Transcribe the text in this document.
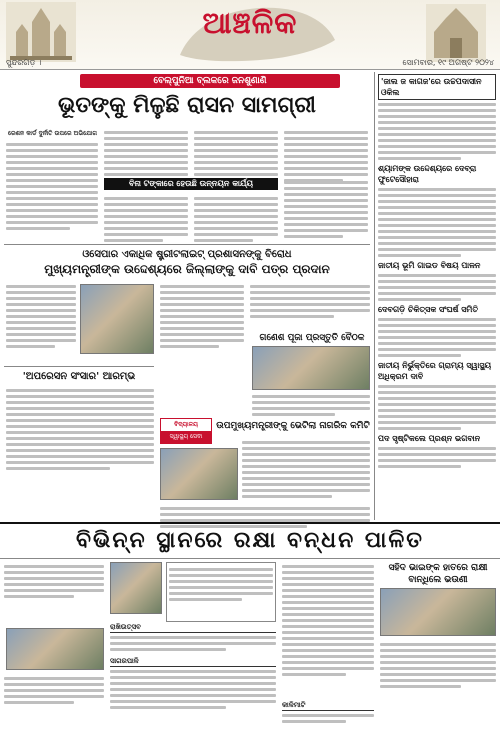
ଆଞ୍ଚଳିକ
ସୁନ୍ଦରଗଡ଼ ।	ସୋମବାର, ୧୯ ଅଗଷ୍ଟ ୨୦୨୪
ବେଲ୍ପୁନିଆ ବ୍ଲକରେ ଜନଶୁଣାଣି
ଭୂତଙ୍କୁ ମିଳୁଛି ରାସନ ସାମଗ୍ରୀ
ରେଶନ କାର୍ଡ ଦୁର୍ନୀତି ଉପରେ ଅଭିଯୋଗ
ବିନା ଟଙ୍କାରେ ହେଉଛି ଉନ୍ନୟନ କାର୍ଯ୍ୟ
ଓସେପାର ଏକାଧିକ ଷ୍ଟ୍ରୀଟଲାଇଟ୍ ପ୍ରଶାସନଙ୍କୁ ବିରୋଧ
ମୁଖ୍ୟମନ୍ତ୍ରୀଙ୍କ ଉଦ୍ଦେଶ୍ୟରେ ଜିଲ୍ଲାଙ୍କୁ ଦାବି ପତ୍ର ପ୍ରଦାନ
ଗଣେଶ ପୂଜା ପ୍ରସ୍ତୁତି ବୈଠକ
'ଅପରେସନ ସଂସାର' ଆରମ୍ଭ
ବିଦ୍ୟାଳୟ
ସ୍ୱାସ୍ଥ୍ୟ ସେବା
ଉପମୁଖ୍ୟମନ୍ତ୍ରୀଙ୍କୁ ଭେଟିଲା ନାଗରିକ କମିଟି
'ଜାଲ ଜ କାଗଜ'ରେ ଉଚ୍ଚପଦାସୀନ ଓକିଲ
ଶ୍ୟାମଙ୍କ ଉଦ୍ଦେଶ୍ୟରେ ଦେବ୍ରା ଫୁଟେସୌହାରା
ଜାତୀୟ ଭୂମି ଗାଇଡ ବିଷୟ ପାଳନ
ଦେବଗଡ଼ି ଚିକିତ୍ସକ ସଂଘର୍ଷ ସମିତି
ଜାତୀୟ ନିର୍ଭୁକ୍ତିରେ ଗ୍ରାମ୍ୟ ସ୍ୱାସ୍ଥ୍ୟ ଅଧିକ୍ରମ ଦାବି
ପଦ ସୃଷ୍ଟିକଲେ ପ୍ରଶ୍ନ ଭଗବାନ
ବିଭିନ୍ନ ସ୍ଥାନରେ ରକ୍ଷା ବନ୍ଧନ ପାଳିତ
ରାଖିଉତ୍ସବ
ସାଗରପାଳି
ସହିଦ ଭାଇଙ୍କ ହାତରେ ରାକ୍ଷୀ ବାନ୍ଧିଲେ ଭଉଣୀ
କାଳିମାଟି
